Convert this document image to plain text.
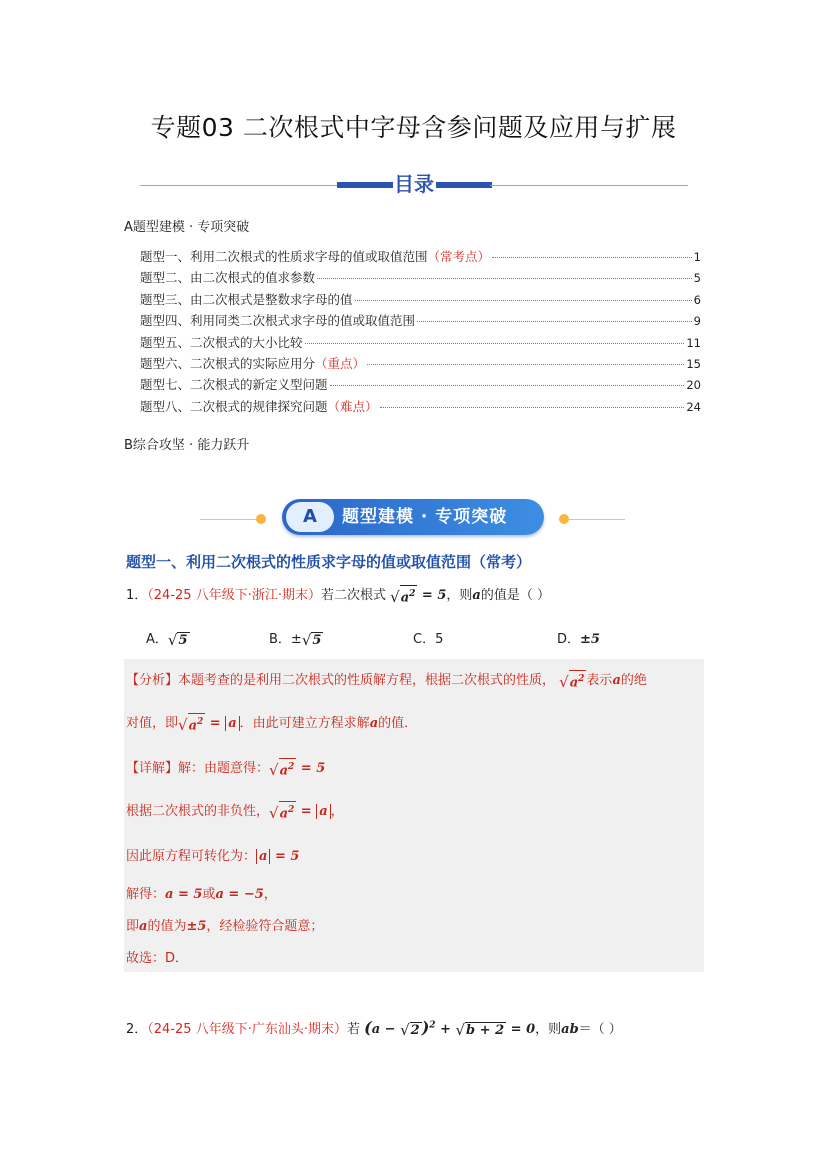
专题03 二次根式中字母含参问题及应用与扩展
目录
A题型建模 · 专项突破
题型一、利用二次根式的性质求字母的值或取值范围 （常考点）	1
题型二、由二次根式的值求参数	5
题型三、由二次根式是整数求字母的值	6
题型四、利用同类二次根式求字母的值或取值范围	9
题型五、二次根式的大小比较	11
题型六、二次根式的实际应用分 （重点）	15
题型七、二次根式的新定义型问题	20
题型八、二次根式的规律探究问题 （难点）	24
B综合攻坚 · 能力跃升
A	题型建模 · 专项突破
题型一、利用二次根式的性质求字母的值或取值范围（常考）
1．（24-25 八年级下·浙江·期末）若二次根式 √ $a^2 = 5$，则a的值是（ ）
A． √ 5	B．± √ 5	C．5	D．±5
【分析】本题考查的是利用二次根式的性质解方程，根据二次根式的性质， √ $a^2$ 表示a的绝
对值，即 √ $a^2 = a$ ．由此可建立方程求解a的值．
【详解】解：由题意得： √ $a^2 = 5$
根据二次根式的非负性， √ $a^2 = a$ ，
因此原方程可转化为： a = 5
解得：a = 5或a = −5，
即a的值为±5，经检验符合题意；
故选：D．
2．（24-25 八年级下·广东汕头·期末）若 (a − √ 2 )$^2$ + √ b + 2 = 0，则ab＝（ ）
